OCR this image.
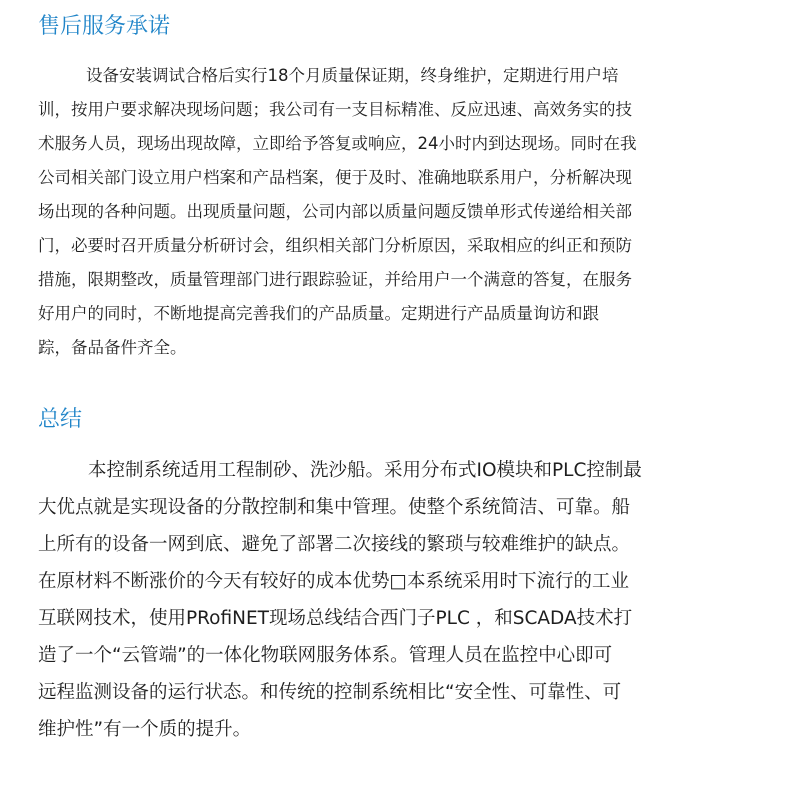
售后服务承诺
设备安装调试合格后实行18个月质量保证期，终身维护，定期进行用户培
训，按用户要求解决现场问题；我公司有一支目标精准、反应迅速、高效务实的技
术服务人员，现场出现故障，立即给予答复或响应，24小时内到达现场。同时在我
公司相关部门设立用户档案和产品档案，便于及时、准确地联系用户，分析解决现
场出现的各种问题。出现质量问题，公司内部以质量问题反馈单形式传递给相关部
门，必要时召开质量分析研讨会，组织相关部门分析原因，采取相应的纠正和预防
措施，限期整改，质量管理部门进行跟踪验证，并给用户一个满意的答复，在服务
好用户的同时，不断地提高完善我们的产品质量。定期进行产品质量询访和跟
踪，备品备件齐全。
总结
本控制系统适用工程制砂、洗沙船。采用分布式IO模块和PLC控制最
大优点就是实现设备的分散控制和集中管理。使整个系统简洁、可靠。船
上所有的设备一网到底、避免了部署二次接线的繁琐与较难维护的缺点。
在原材料不断涨价的今天有较好的成本优势□本系统采用时下流行的工业
互联网技术，使用PRofiNET现场总线结合西门子PLC ，和SCADA技术打
造了一个“云管端”的一体化物联网服务体系。管理人员在监控中心即可
远程监测设备的运行状态。和传统的控制系统相比“安全性、可靠性、可
维护性”有一个质的提升。
